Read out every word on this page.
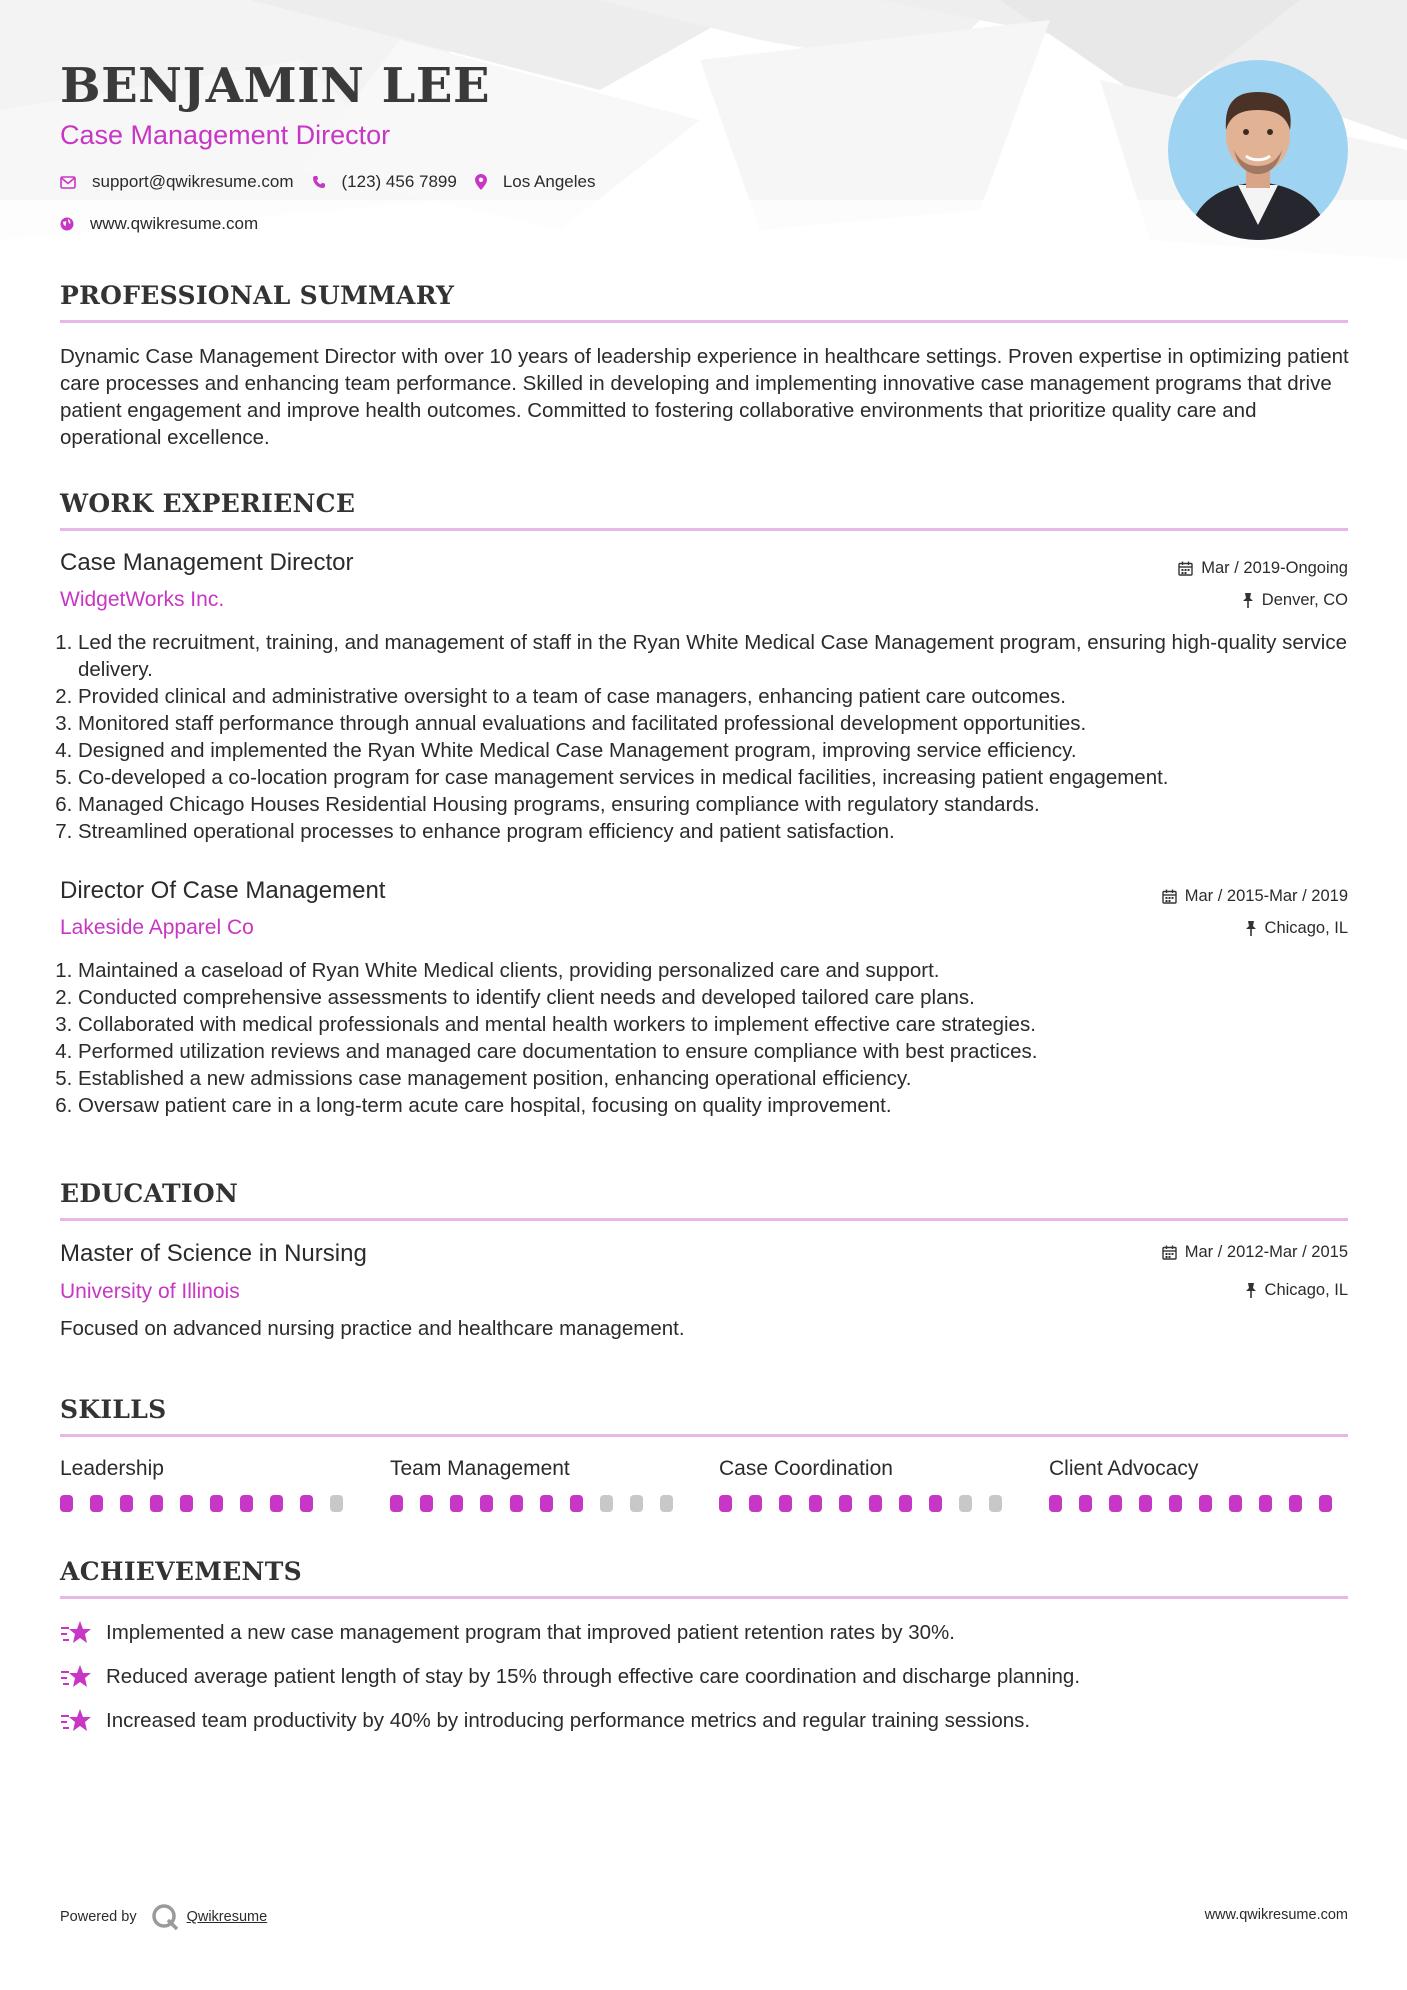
BENJAMIN LEE
Case Management Director
support@qwikresume.com	(123) 456 7899	Los Angeles
www.qwikresume.com
PROFESSIONAL SUMMARY

Dynamic Case Management Director with over 10 years of leadership experience in healthcare settings. Proven expertise in optimizing patient care processes and enhancing team performance. Skilled in developing and implementing innovative case management programs that drive patient engagement and improve health outcomes. Committed to fostering collaborative environments that prioritize quality care and operational excellence.

WORK EXPERIENCE
Case Management Director
WidgetWorks Inc.
Mar / 2019-Ongoing
Denver, CO
1. Led the recruitment, training, and management of staff in the Ryan White Medical Case Management program, ensuring high-quality service delivery.
2. Provided clinical and administrative oversight to a team of case managers, enhancing patient care outcomes.
3. Monitored staff performance through annual evaluations and facilitated professional development opportunities.
4. Designed and implemented the Ryan White Medical Case Management program, improving service efficiency.
5. Co-developed a co-location program for case management services in medical facilities, increasing patient engagement.
6. Managed Chicago Houses Residential Housing programs, ensuring compliance with regulatory standards.
7. Streamlined operational processes to enhance program efficiency and patient satisfaction.
Director Of Case Management
Lakeside Apparel Co
Mar / 2015-Mar / 2019
Chicago, IL
1. Maintained a caseload of Ryan White Medical clients, providing personalized care and support.
2. Conducted comprehensive assessments to identify client needs and developed tailored care plans.
3. Collaborated with medical professionals and mental health workers to implement effective care strategies.
4. Performed utilization reviews and managed care documentation to ensure compliance with best practices.
5. Established a new admissions case management position, enhancing operational efficiency.
6. Oversaw patient care in a long-term acute care hospital, focusing on quality improvement.
EDUCATION
Master of Science in Nursing
University of Illinois
Mar / 2012-Mar / 2015
Chicago, IL
Focused on advanced nursing practice and healthcare management.
SKILLS
Leadership	Team Management	Case Coordination	Client Advocacy
ACHIEVEMENTS
Implemented a new case management program that improved patient retention rates by 30%.
Reduced average patient length of stay by 15% through effective care coordination and discharge planning.
Increased team productivity by 40% by introducing performance metrics and regular training sessions.
Powered by	Qwikresume	www.qwikresume.com
